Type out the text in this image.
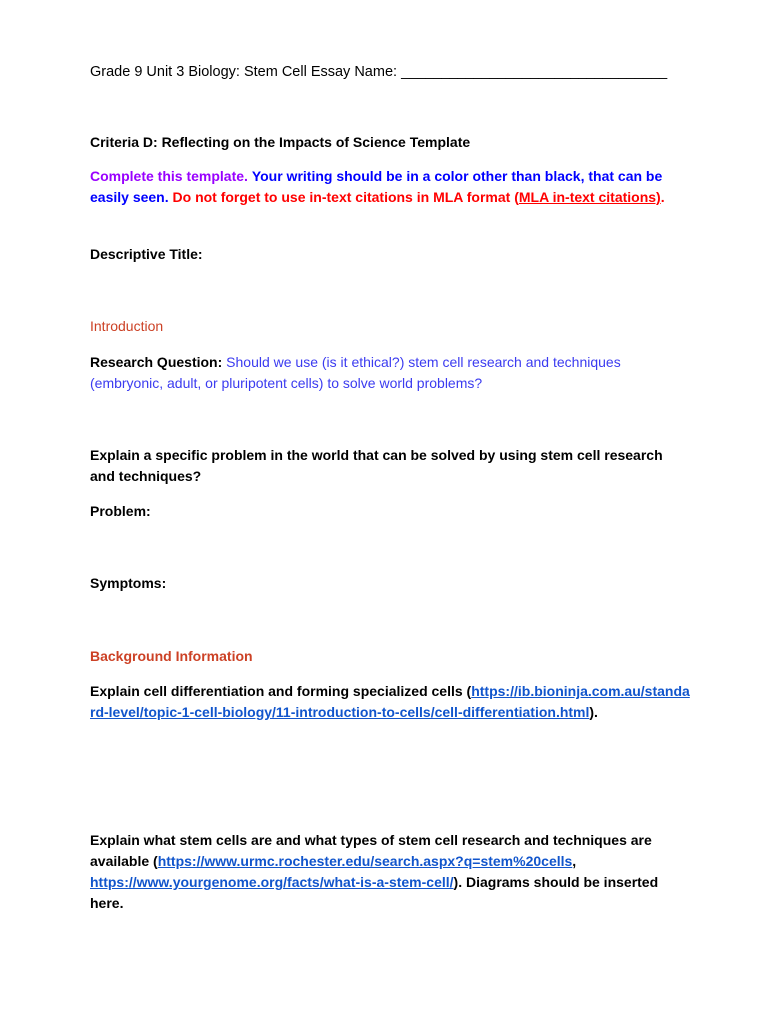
Grade 9 Unit 3 Biology: Stem Cell Essay Name: _________________________________

Criteria D: Reflecting on the Impacts of Science Template

Complete this template. Your writing should be in a color other than black, that can be easily seen. Do not forget to use in-text citations in MLA format (MLA in-text citations).

Descriptive Title:

Introduction

Research Question: Should we use (is it ethical?) stem cell research and techniques (embryonic, adult, or pluripotent cells) to solve world problems?

Explain a specific problem in the world that can be solved by using stem cell research and techniques?

Problem:

Symptoms:

Background Information

Explain cell differentiation and forming specialized cells (https://ib.bioninja.com.au/standard-level/topic-1-cell-biology/11-introduction-to-cells/cell-differentiation.html).

Explain what stem cells are and what types of stem cell research and techniques are available (https://www.urmc.rochester.edu/search.aspx?q=stem%20cells, https://www.yourgenome.org/facts/what-is-a-stem-cell/). Diagrams should be inserted here.
